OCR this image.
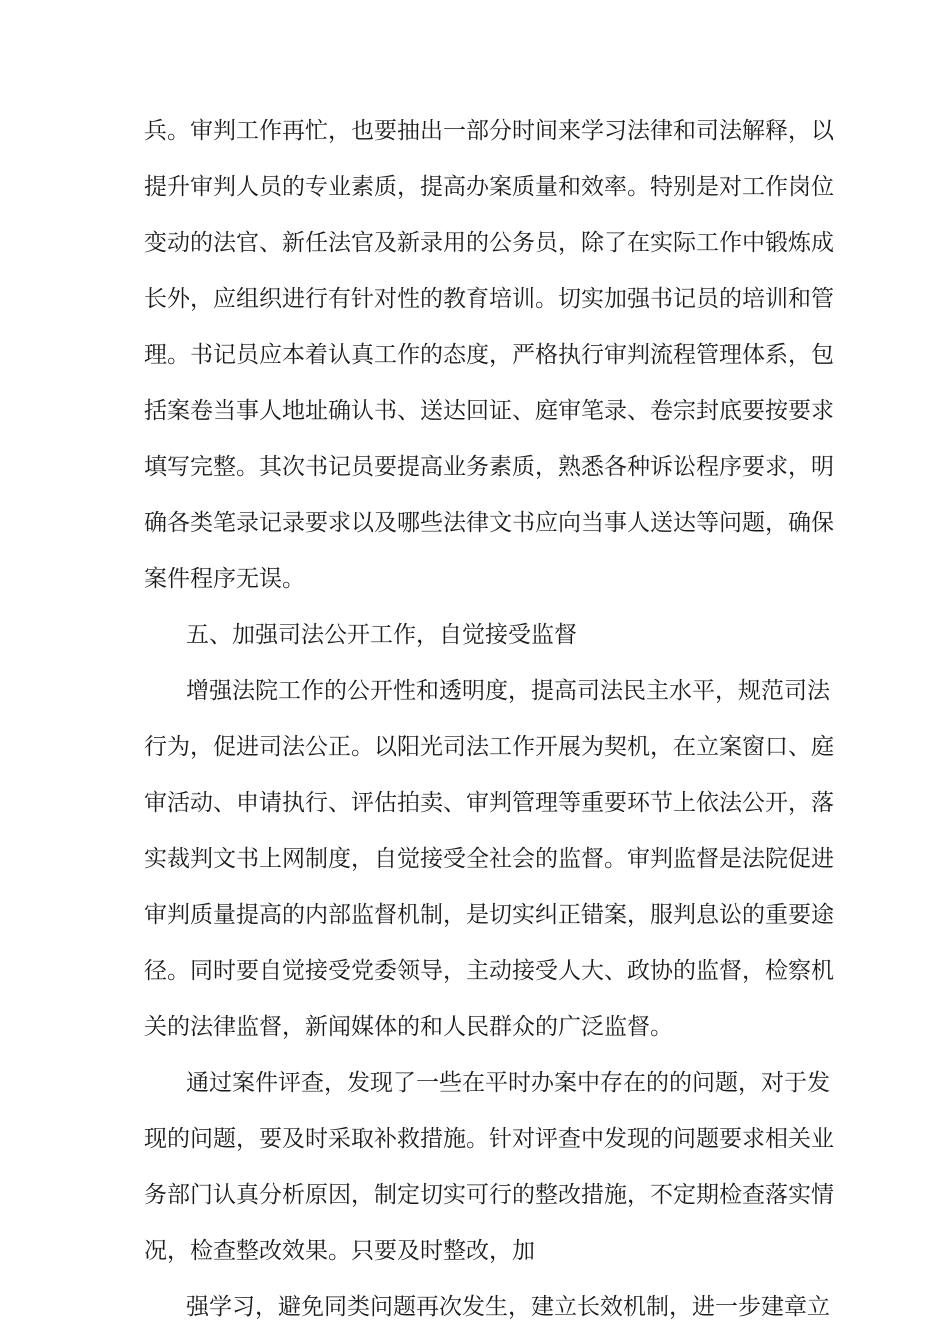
兵。审判工作再忙，也要抽出一部分时间来学习法律和司法解释，以
提升审判人员的专业素质，提高办案质量和效率。特别是对工作岗位
变动的法官、新任法官及新录用的公务员，除了在实际工作中锻炼成
长外，应组织进行有针对性的教育培训。切实加强书记员的培训和管
理。书记员应本着认真工作的态度，严格执行审判流程管理体系，包
括案卷当事人地址确认书、送达回证、庭审笔录、卷宗封底要按要求
填写完整。其次书记员要提高业务素质，熟悉各种诉讼程序要求，明
确各类笔录记录要求以及哪些法律文书应向当事人送达等问题，确保
案件程序无误。
五、加强司法公开工作，自觉接受监督
增强法院工作的公开性和透明度，提高司法民主水平，规范司法
行为，促进司法公正。以阳光司法工作开展为契机，在立案窗口、庭
审活动、申请执行、评估拍卖、审判管理等重要环节上依法公开，落
实裁判文书上网制度，自觉接受全社会的监督。审判监督是法院促进
审判质量提高的内部监督机制，是切实纠正错案，服判息讼的重要途
径。同时要自觉接受党委领导，主动接受人大、政协的监督，检察机
关的法律监督，新闻媒体的和人民群众的广泛监督。
通过案件评查，发现了一些在平时办案中存在的的问题，对于发
现的问题，要及时采取补救措施。针对评查中发现的问题要求相关业
务部门认真分析原因，制定切实可行的整改措施，不定期检查落实情
况，检查整改效果。只要及时整改，加
强学习，避免同类问题再次发生，建立长效机制，进一步建章立
